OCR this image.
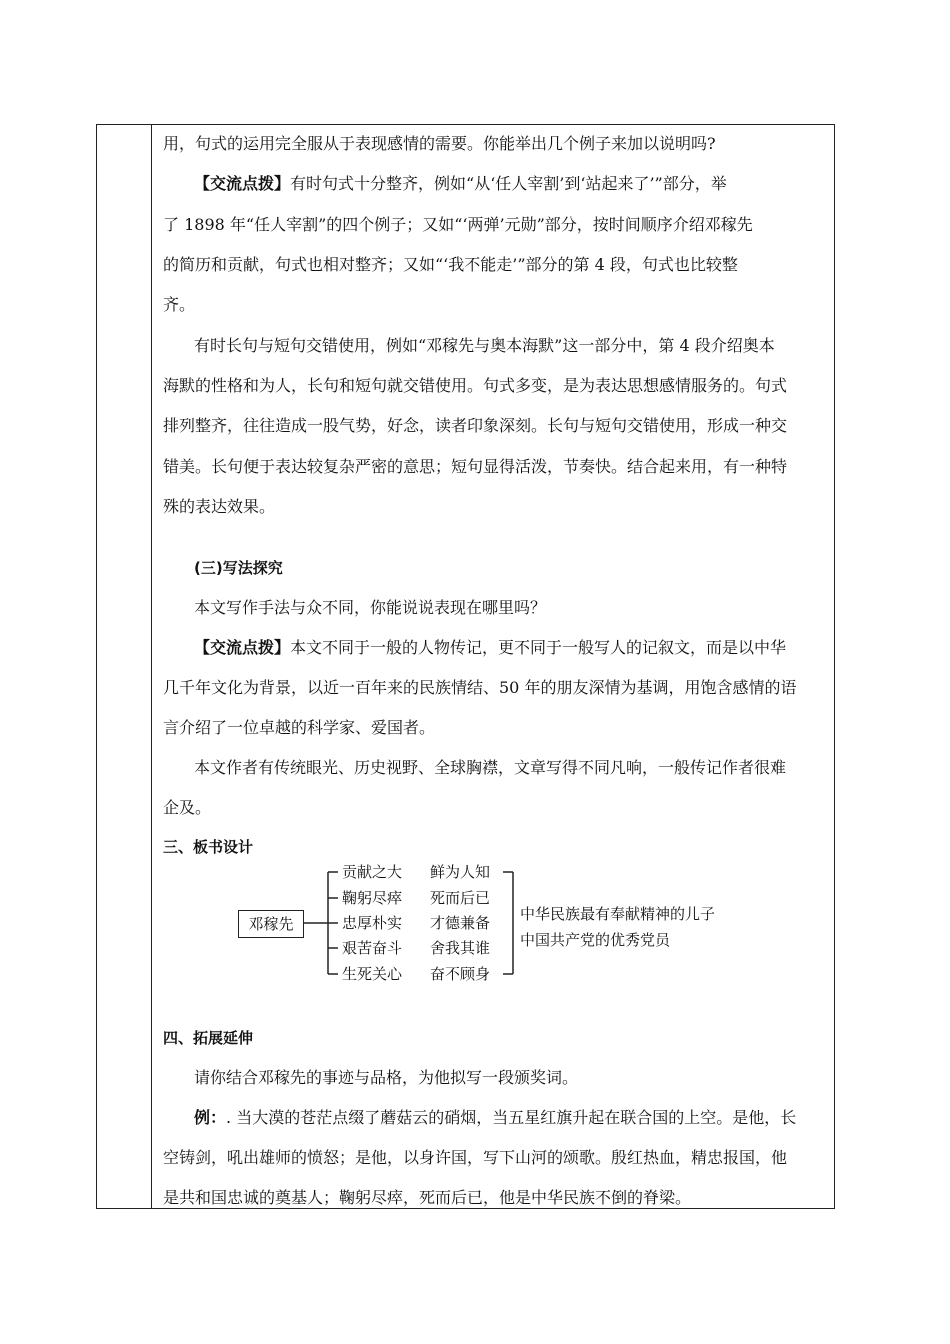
用，句式的运用完全服从于表现感情的需要。你能举出几个例子来加以说明吗?
【交流点拨】有时句式十分整齐，例如“从‘任人宰割’到‘站起来了’”部分，举
了 1898 年“任人宰割”的四个例子；又如“‘两弹’元勋”部分，按时间顺序介绍邓稼先
的简历和贡献，句式也相对整齐；又如“‘我不能走’”部分的第 4 段，句式也比较整
齐。
有时长句与短句交错使用，例如“邓稼先与奥本海默”这一部分中，第 4 段介绍奥本
海默的性格和为人，长句和短句就交错使用。句式多变，是为表达思想感情服务的。句式
排列整齐，往往造成一股气势，好念，读者印象深刻。长句与短句交错使用，形成一种交
错美。长句便于表达较复杂严密的意思；短句显得活泼，节奏快。结合起来用，有一种特
殊的表达效果。
(三)写法探究
本文写作手法与众不同，你能说说表现在哪里吗？
【交流点拨】本文不同于一般的人物传记，更不同于一般写人的记叙文，而是以中华
几千年文化为背景，以近一百年来的民族情结、50 年的朋友深情为基调，用饱含感情的语
言介绍了一位卓越的科学家、爱国者。
本文作者有传统眼光、历史视野、全球胸襟，文章写得不同凡响，一般传记作者很难
企及。
三、板书设计
四、拓展延伸
请你结合邓稼先的事迹与品格，为他拟写一段颁奖词。
例：. 当大漠的苍茫点缀了蘑菇云的硝烟，当五星红旗升起在联合国的上空。是他，长
空铸剑，吼出雄师的愤怒；是他，以身许国，写下山河的颂歌。殷红热血，精忠报国，他
是共和国忠诚的奠基人；鞠躬尽瘁，死而后已，他是中华民族不倒的脊梁。
邓稼先
贡献之大
鞠躬尽瘁
忠厚朴实
艰苦奋斗
生死关心
鲜为人知
死而后已
才德兼备
舍我其谁
奋不顾身
中华民族最有奉献精神的儿子
中国共产党的优秀党员
